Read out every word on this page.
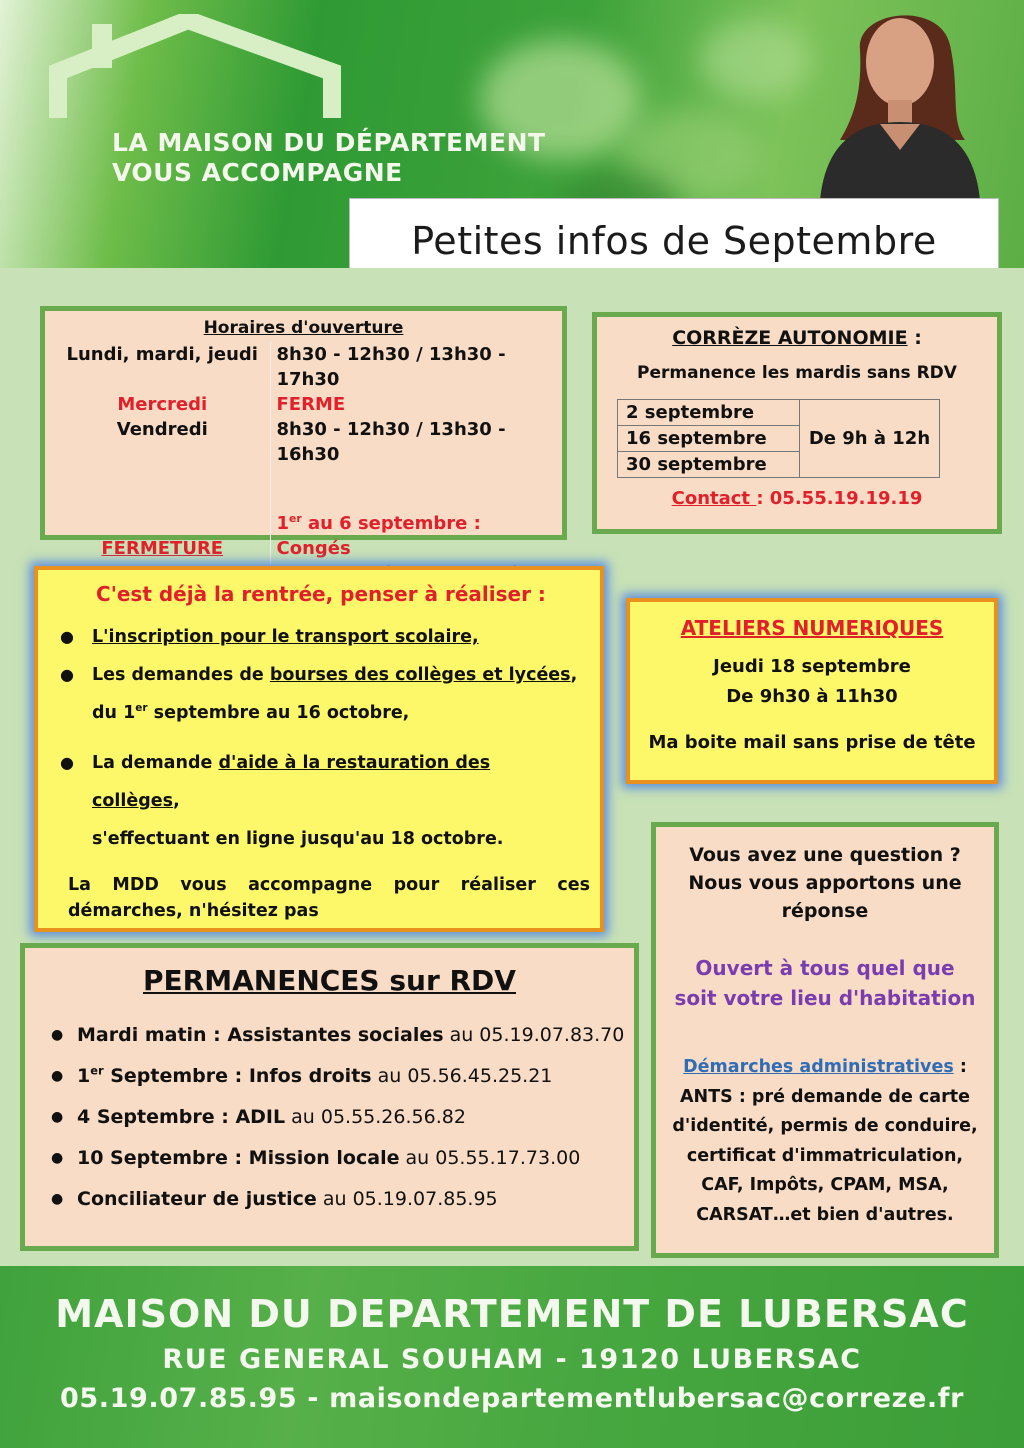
LA MAISON DU DÉPARTEMENT
VOUS ACCOMPAGNE
Petites infos de Septembre
Horaires d'ouverture
Lundi, mardi, jeudi	8h30 - 12h30 / 13h30 - 17h30
Mercredi	FERME
Vendredi	8h30 - 12h30 / 13h30 - 16h30

FERMETURE	1er au 6 septembre : Congés
CORRÈZE AUTONOMIE :
Permanence les mardis sans RDV
2 septembre	De 9h à 12h
16 septembre
30 septembre
Contact : 05.55.19.19.19
C'est déjà la rentrée, penser à réaliser :
● L'inscription pour le transport scolaire,
● Les demandes de bourses des collèges et lycées,
du 1er septembre au 16 octobre,
● La demande d'aide à la restauration des collèges,
s'effectuant en ligne jusqu'au 18 octobre.
La MDD vous accompagne pour réaliser ces démarches, n'hésitez pas
ATELIERS NUMERIQUES
Jeudi 18 septembre
De 9h30 à 11h30
Ma boite mail sans prise de tête
Vous avez une question ?
Nous vous apportons une
réponse
Ouvert à tous quel que
soit votre lieu d'habitation
Démarches administratives :
ANTS : pré demande de carte
d'identité, permis de conduire,
certificat d'immatriculation,
CAF, Impôts, CPAM, MSA,
CARSAT…et bien d'autres.
PERMANENCES sur RDV
● Mardi matin : Assistantes sociales au 05.19.07.83.70
● 1er Septembre : Infos droits au 05.56.45.25.21
● 4 Septembre : ADIL au 05.55.26.56.82
● 10 Septembre : Mission locale au 05.55.17.73.00
● Conciliateur de justice au 05.19.07.85.95
MAISON DU DEPARTEMENT DE LUBERSAC
RUE GENERAL SOUHAM - 19120 LUBERSAC
05.19.07.85.95 - maisondepartementlubersac@correze.fr
